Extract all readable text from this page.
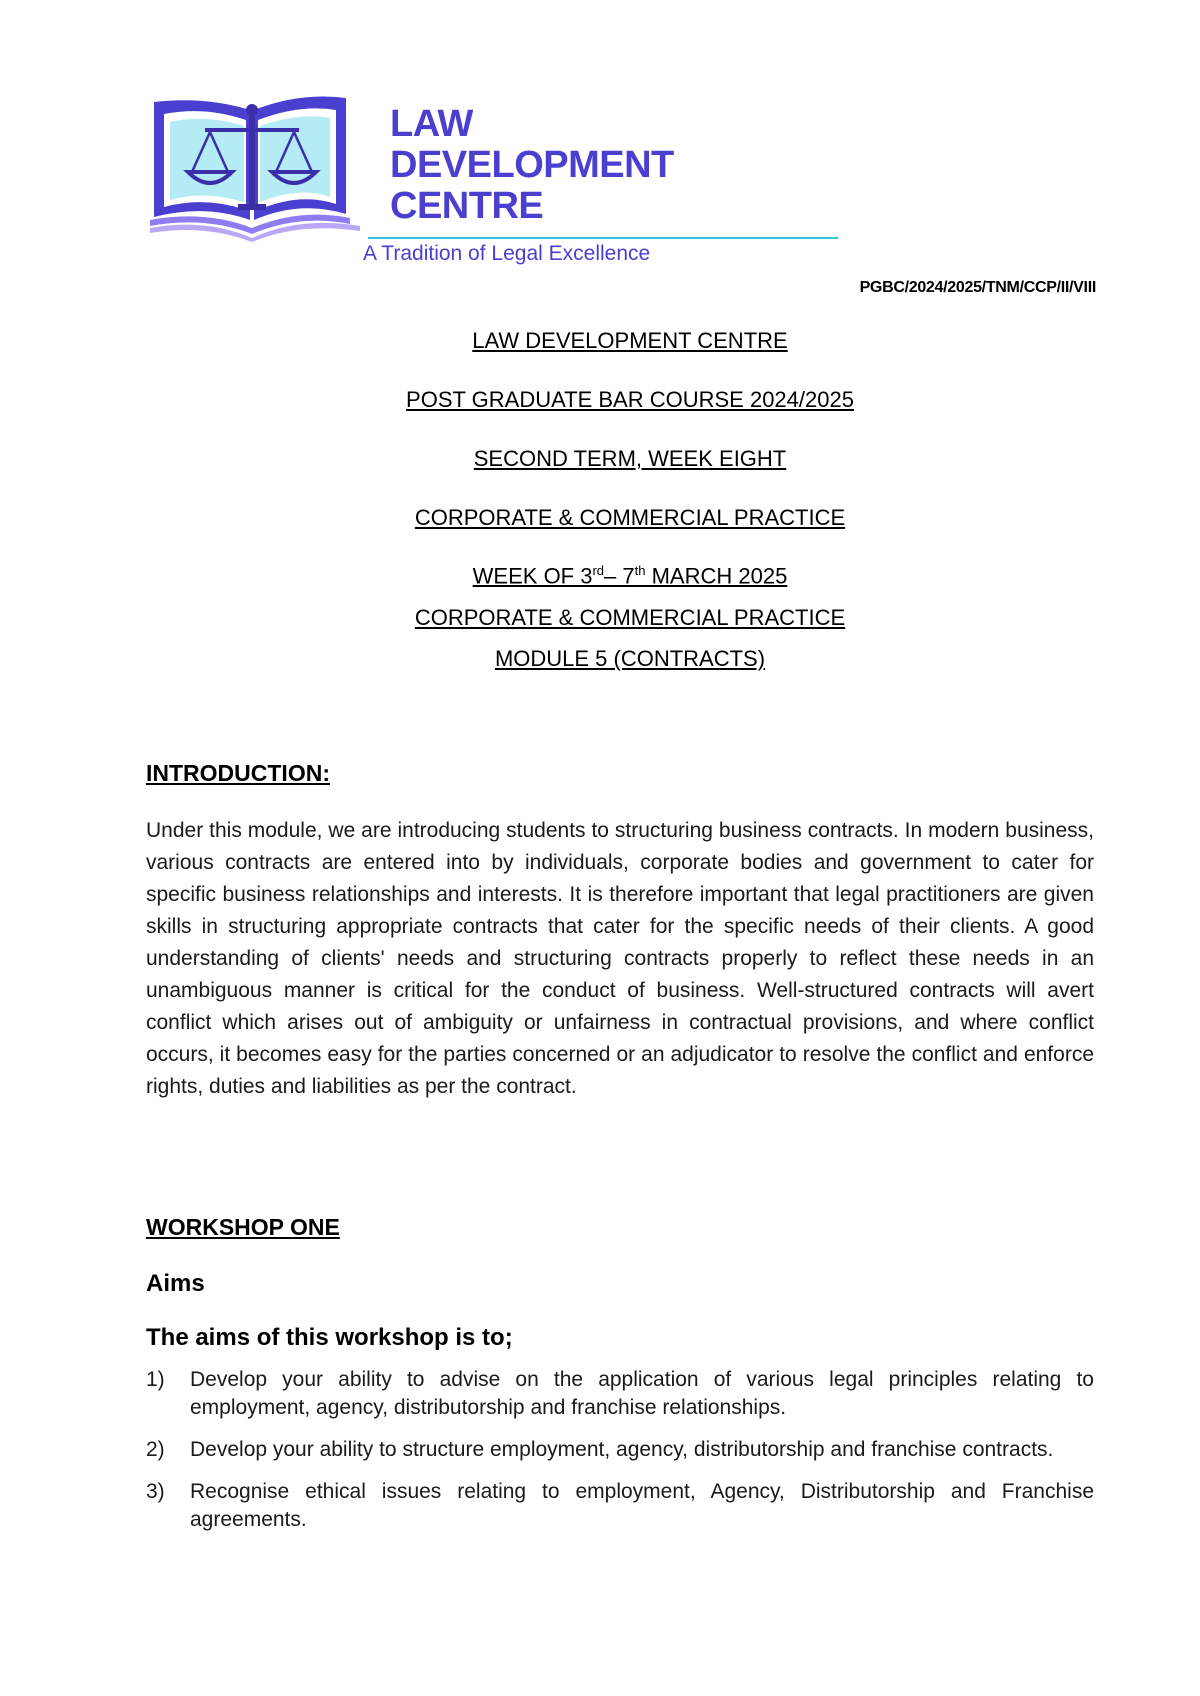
LAW
DEVELOPMENT
CENTRE
A Tradition of Legal Excellence
PGBC/2024/2025/TNM/CCP/II/VIII
LAW DEVELOPMENT CENTRE
POST GRADUATE BAR COURSE 2024/2025
SECOND TERM, WEEK EIGHT
CORPORATE & COMMERCIAL PRACTICE
WEEK OF 3rd– 7th MARCH 2025
CORPORATE & COMMERCIAL PRACTICE
MODULE 5 (CONTRACTS)
INTRODUCTION:
Under this module, we are introducing students to structuring business contracts. In modern business, various contracts are entered into by individuals, corporate bodies and government to cater for specific business relationships and interests. It is therefore important that legal practitioners are given skills in structuring appropriate contracts that cater for the specific needs of their clients. A good understanding of clients' needs and structuring contracts properly to reflect these needs in an unambiguous manner is critical for the conduct of business. Well-structured contracts will avert conflict which arises out of ambiguity or unfairness in contractual provisions, and where conflict occurs, it becomes easy for the parties concerned or an adjudicator to resolve the conflict and enforce rights, duties and liabilities as per the contract.
WORKSHOP ONE
Aims
The aims of this workshop is to;
1) Develop your ability to advise on the application of various legal principles relating to employment, agency, distributorship and franchise relationships.
2) Develop your ability to structure employment, agency, distributorship and franchise contracts.
3) Recognise ethical issues relating to employment, Agency, Distributorship and Franchise agreements.
